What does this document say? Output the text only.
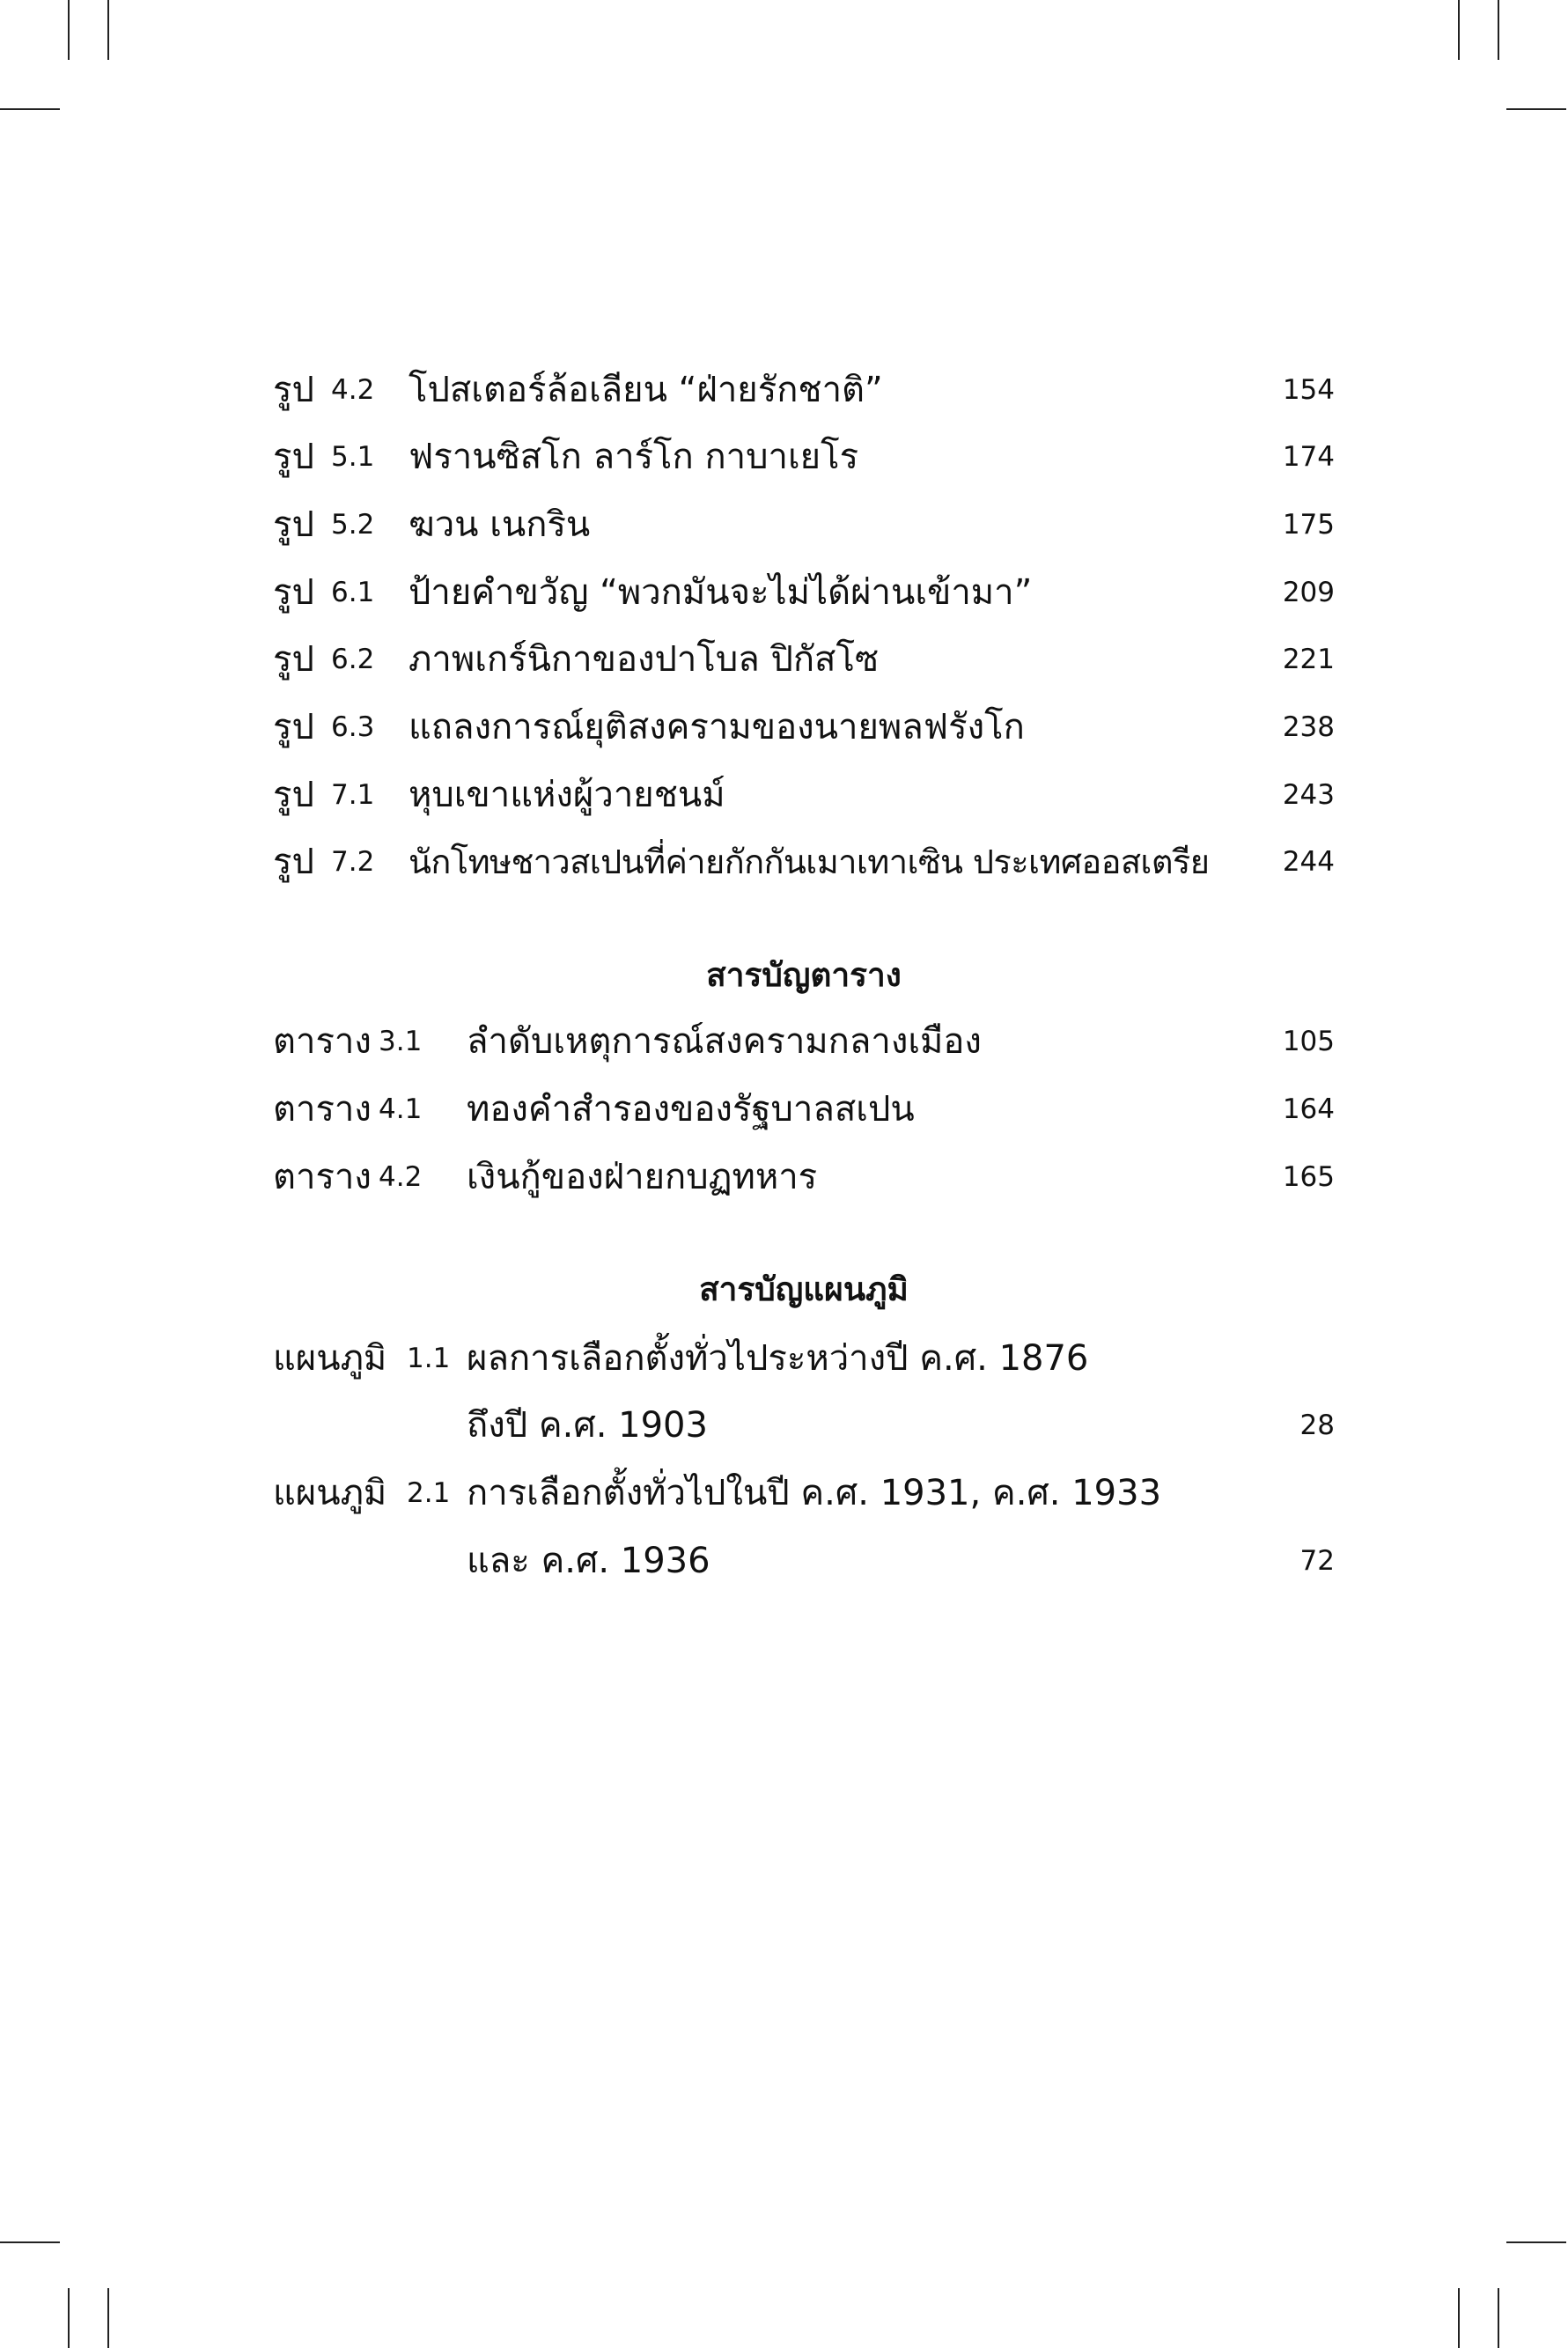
รูป 4.2 โปสเตอร์ล้อเลียน “ฝ่ายรักชาติ”	154
รูป 5.1 ฟรานซิสโก ลาร์โก กาบาเยโร	174
รูป 5.2 ฆวน เนกริน	175
รูป 6.1 ป้ายคำขวัญ “พวกมันจะไม่ได้ผ่านเข้ามา”	209
รูป 6.2 ภาพเกร์นิกาของปาโบล ปิกัสโซ	221
รูป 6.3 แถลงการณ์ยุติสงครามของนายพลฟรังโก	238
รูป 7.1 หุบเขาแห่งผู้วายชนม์	243
รูป 7.2 นักโทษชาวสเปนที่ค่ายกักกันเมาเทาเซิน ประเทศออสเตรีย	244
สารบัญตาราง
ตาราง 3.1 ลำดับเหตุการณ์สงครามกลางเมือง	105
ตาราง 4.1 ทองคำสำรองของรัฐบาลสเปน	164
ตาราง 4.2 เงินกู้ของฝ่ายกบฏทหาร	165
สารบัญแผนภูมิ
แผนภูมิ 1.1 ผลการเลือกตั้งทั่วไประหว่างปี ค.ศ. 1876
ถึงปี ค.ศ. 1903	28
แผนภูมิ 2.1 การเลือกตั้งทั่วไปในปี ค.ศ. 1931, ค.ศ. 1933
และ ค.ศ. 1936	72
